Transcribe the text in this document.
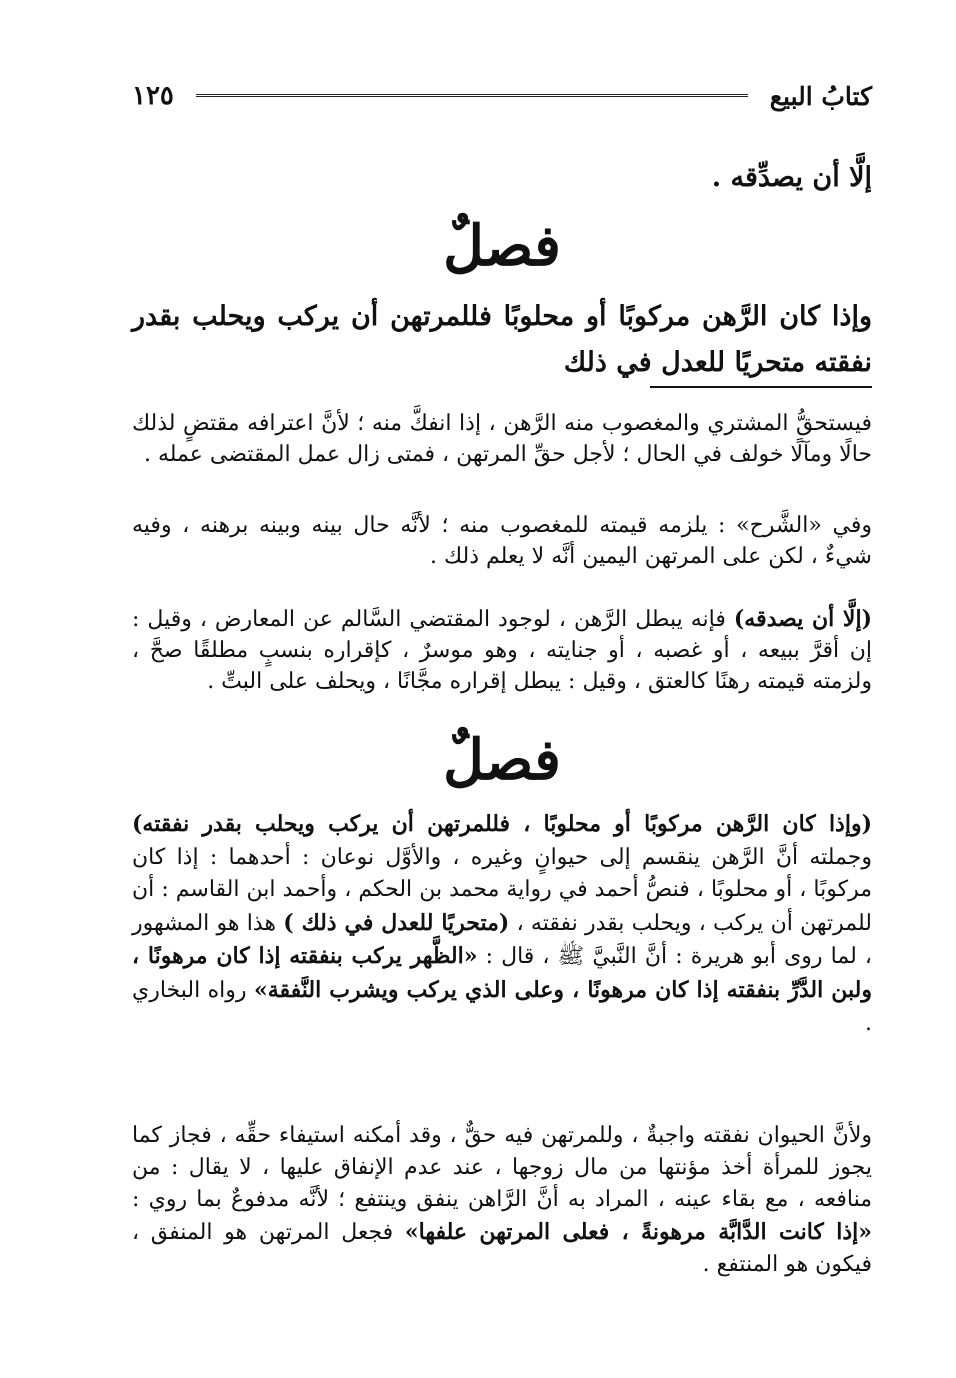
كتابُ البيع
١٢٥
إلَّا أن يصدِّقه .
فصلٌ

وإذا كان الرَّهن مركوبًا أو محلوبًا فللمرتهن أن يركب ويحلب بقدر نفقته متحريًا للعدل في ذلك

فيستحقُّ المشتري والمغصوب منه الرَّهن ، إذا انفكَّ منه ؛ لأنَّ اعترافه مقتضٍ لذلك حالًا ومآلًا خولف في الحال ؛ لأجل حقِّ المرتهن ، فمتى زال عمل المقتضى عمله .

وفي «الشَّرح» : يلزمه قيمته للمغصوب منه ؛ لأنَّه حال بينه وبينه برهنه ، وفيه شيءٌ ، لكن على المرتهن اليمين أنَّه لا يعلم ذلك .

(إلَّا أن يصدقه) فإنه يبطل الرَّهن ، لوجود المقتضي السَّالم عن المعارض ، وقيل : إن أقرَّ ببيعه ، أو غصبه ، أو جنايته ، وهو موسرٌ ، كإقراره بنسبٍ مطلقًا صحَّ ، ولزمته قيمته رهنًا كالعتق ، وقيل : يبطل إقراره مجَّانًا ، ويحلف على البتِّ .

فصلٌ

(وإذا كان الرَّهن مركوبًا أو محلوبًا ، فللمرتهن أن يركب ويحلب بقدر نفقته) وجملته أنَّ الرَّهن ينقسم إلى حيوانٍ وغيره ، والأوَّل نوعان : أحدهما : إذا كان مركوبًا ، أو محلوبًا ، فنصُّ أحمد في رواية محمد بن الحكم ، وأحمد ابن القاسم : أن للمرتهن أن يركب ، ويحلب بقدر نفقته ، (متحريًا للعدل في ذلك ) هذا هو المشهور ، لما روى أبو هريرة : أنَّ النَّبيَّ ﷺ ، قال : «الظَّهر يركب بنفقته إذا كان مرهونًا ، ولبن الدَّرِّ بنفقته إذا كان مرهونًا ، وعلى الذي يركب ويشرب النَّفقة» رواه البخاري .

ولأنَّ الحيوان نفقته واجبةٌ ، وللمرتهن فيه حقٌّ ، وقد أمكنه استيفاء حقِّه ، فجاز كما يجوز للمرأة أخذ مؤنتها من مال زوجها ، عند عدم الإنفاق عليها ، لا يقال : من منافعه ، مع بقاء عينه ، المراد به أنَّ الرَّاهن ينفق وينتفع ؛ لأنَّه مدفوعٌ بما روي : «إذا كانت الدَّابَّة مرهونةً ، فعلى المرتهن علفها» فجعل المرتهن هو المنفق ، فيكون هو المنتفع .
